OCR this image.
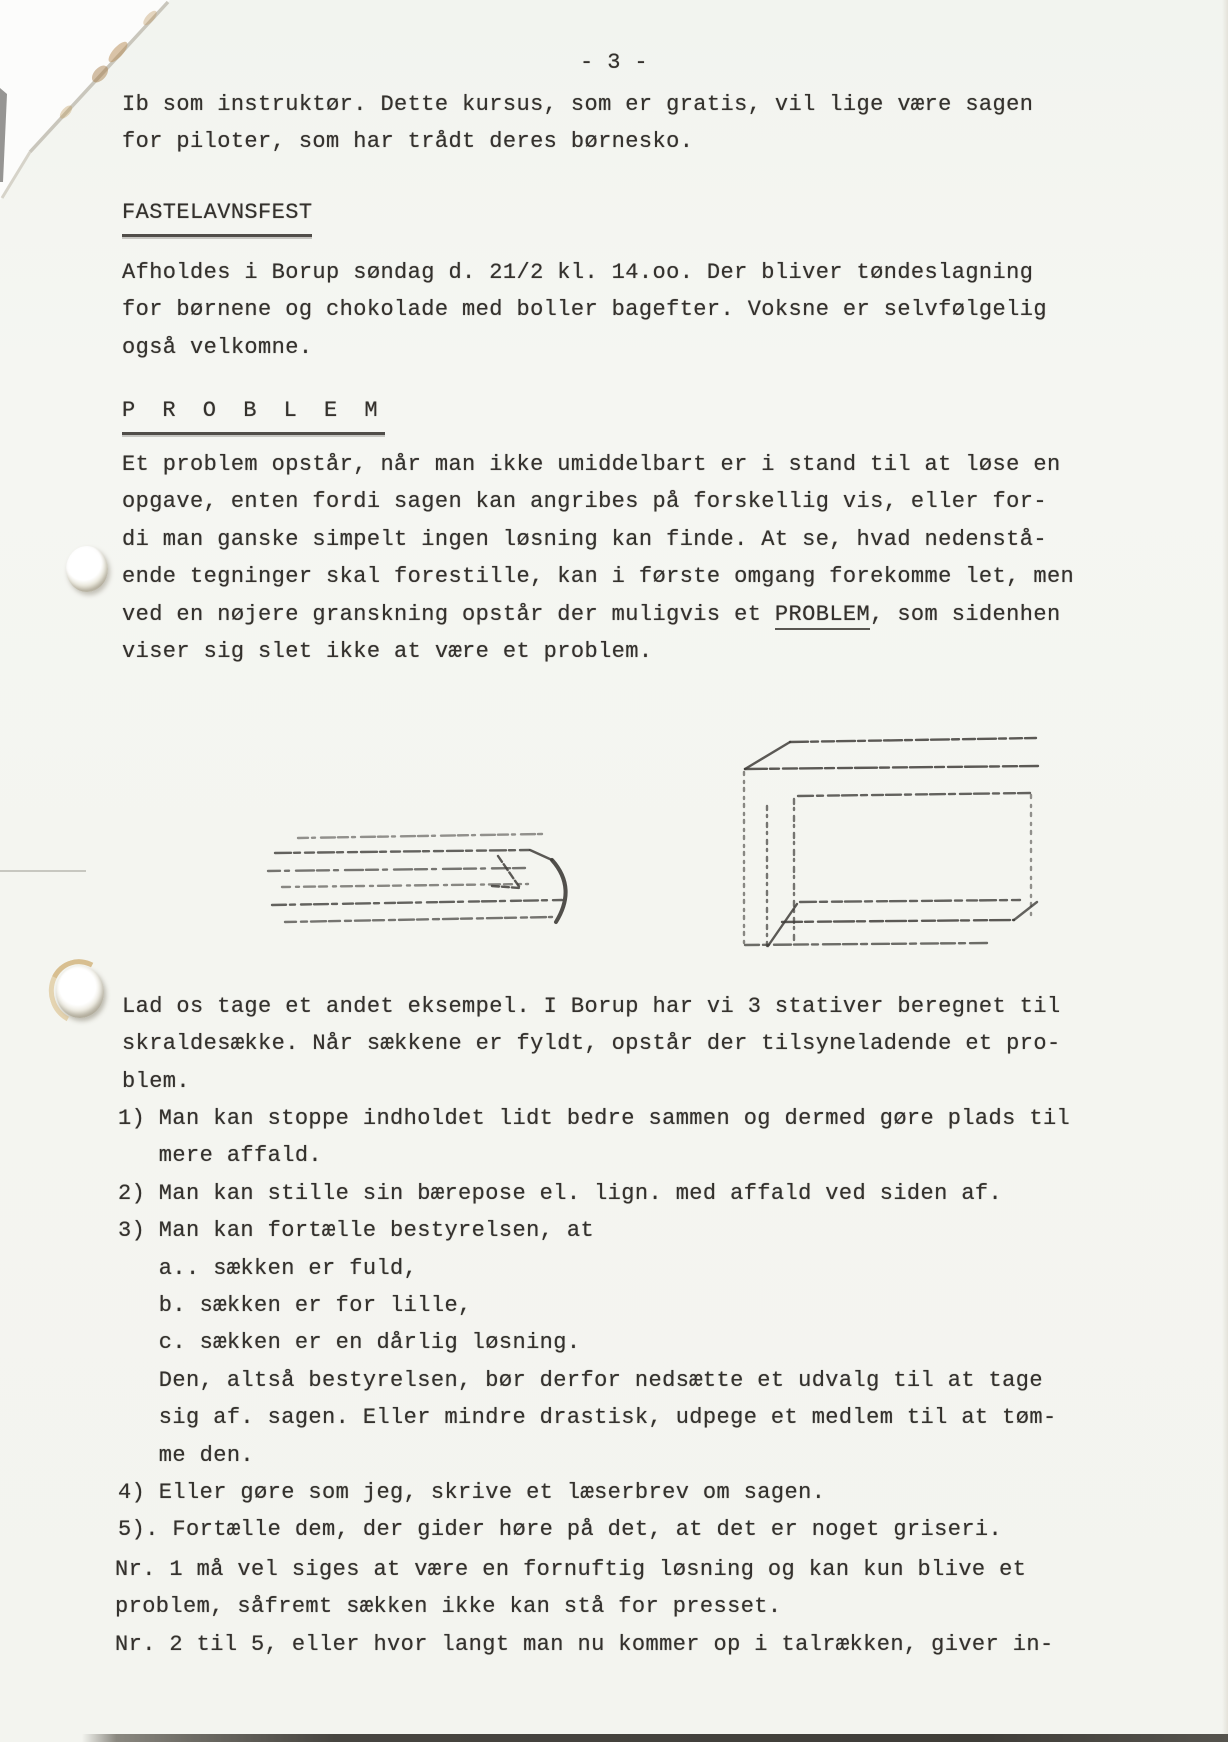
- 3 -
Ib som instruktør. Dette kursus, som er gratis, vil lige være sagen
for piloter, som har trådt deres børnesko.
FASTELAVNSFEST
Afholdes i Borup søndag d. 21/2 kl. 14.oo. Der bliver tøndeslagning
for børnene og chokolade med boller bagefter. Voksne er selvfølgelig
også velkomne.
P R O B L E M
Et problem opstår, når man ikke umiddelbart er i stand til at løse en
opgave, enten fordi sagen kan angribes på forskellig vis, eller for-
di man ganske simpelt ingen løsning kan finde. At se, hvad nedenstå-
ende tegninger skal forestille, kan i første omgang forekomme let, men
ved en nøjere granskning opstår der muligvis et PROBLEM, som sidenhen
viser sig slet ikke at være et problem.
Lad os tage et andet eksempel. I Borup har vi 3 stativer beregnet til
skraldesække. Når sækkene er fyldt, opstår der tilsyneladende et pro-
blem.
1) Man kan stoppe indholdet lidt bedre sammen og dermed gøre plads til
mere affald.
2) Man kan stille sin bærepose el. lign. med affald ved siden af.
3) Man kan fortælle bestyrelsen, at
a.. sækken er fuld,
b. sækken er for lille,
c. sækken er en dårlig løsning.
Den, altså bestyrelsen, bør derfor nedsætte et udvalg til at tage
sig af. sagen. Eller mindre drastisk, udpege et medlem til at tøm-
me den.
4) Eller gøre som jeg, skrive et læserbrev om sagen.
5). Fortælle dem, der gider høre på det, at det er noget griseri.
Nr. 1 må vel siges at være en fornuftig løsning og kan kun blive et
problem, såfremt sækken ikke kan stå for presset.
Nr. 2 til 5, eller hvor langt man nu kommer op i talrækken, giver in-
